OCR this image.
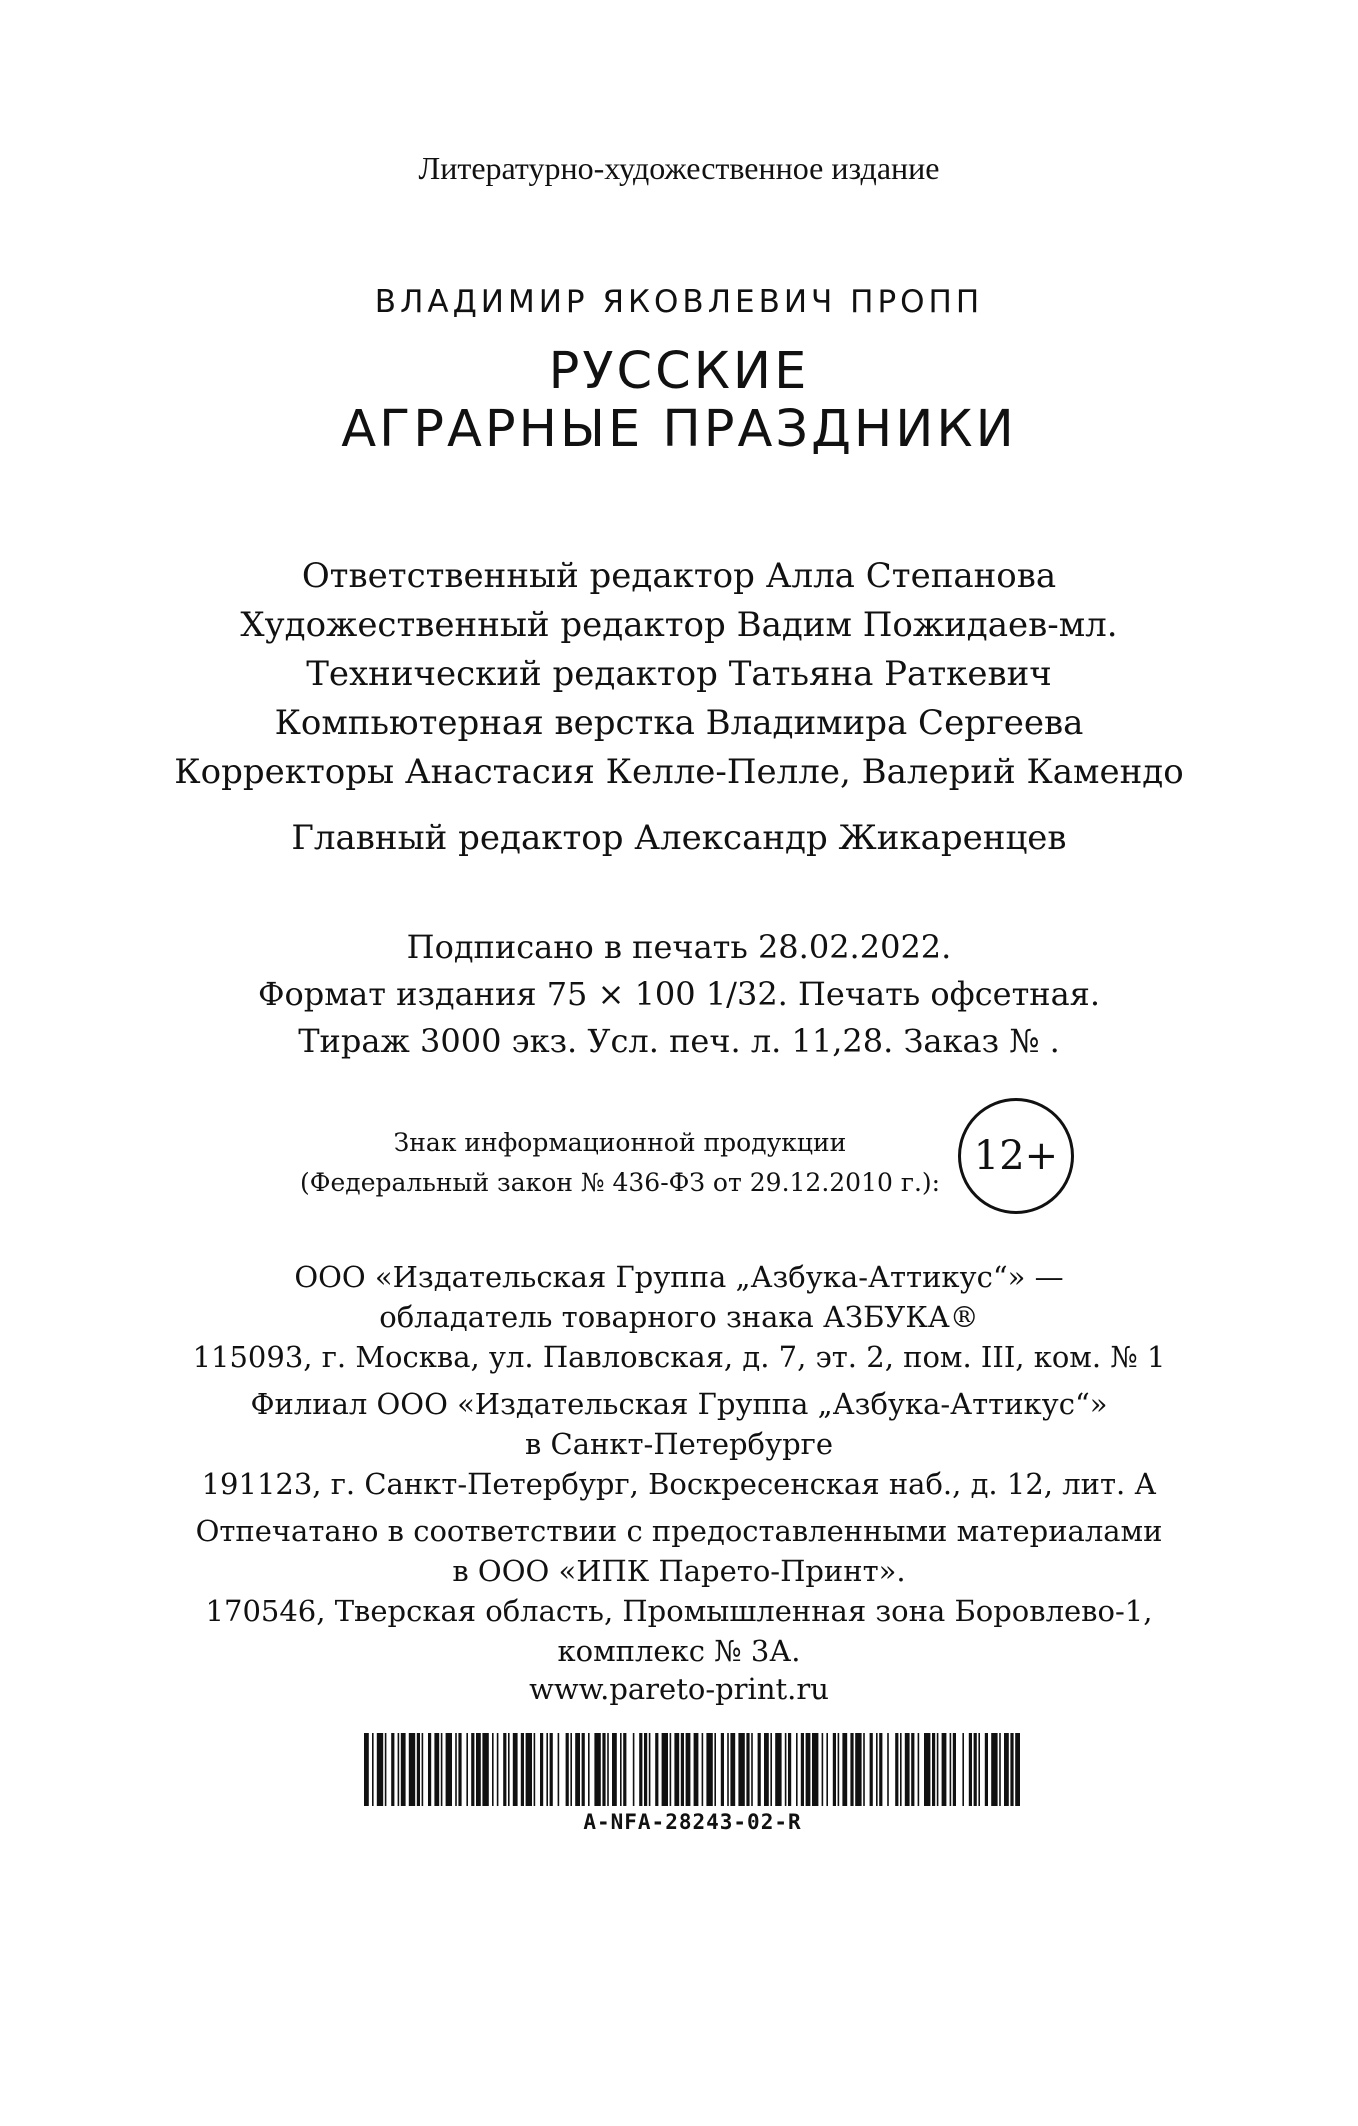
Литературно-художественное издание
ВЛАДИМИР ЯКОВЛЕВИЧ ПРОПП
РУССКИЕ
АГРАРНЫЕ ПРАЗДНИКИ
Ответственный редактор Алла Степанова
Художественный редактор Вадим Пожидаев-мл.
Технический редактор Татьяна Раткевич
Компьютерная верстка Владимира Сергеева
Корректоры Анастасия Келле-Пелле, Валерий Камендо
Главный редактор Александр Жикаренцев
Подписано в печать 28.02.2022.
Формат издания 75 × 100 1/32. Печать офсетная.
Тираж 3000 экз. Усл. печ. л. 11,28. Заказ № .
Знак информационной продукции
(Федеральный закон № 436-ФЗ от 29.12.2010 г.):
12+
ООО «Издательская Группа „Азбука-Аттикус“» —
обладатель товарного знака АЗБУКА®
115093, г. Москва, ул. Павловская, д. 7, эт. 2, пом. III, ком. № 1
Филиал ООО «Издательская Группа „Азбука-Аттикус“»
в Санкт-Петербурге
191123, г. Санкт-Петербург, Воскресенская наб., д. 12, лит. А
Отпечатано в соответствии с предоставленными материалами
в ООО «ИПК Парето-Принт».
170546, Тверская область, Промышленная зона Боровлево-1,
комплекс № 3А.
A-NFA-28243-02-R
www.pareto-print.ru
